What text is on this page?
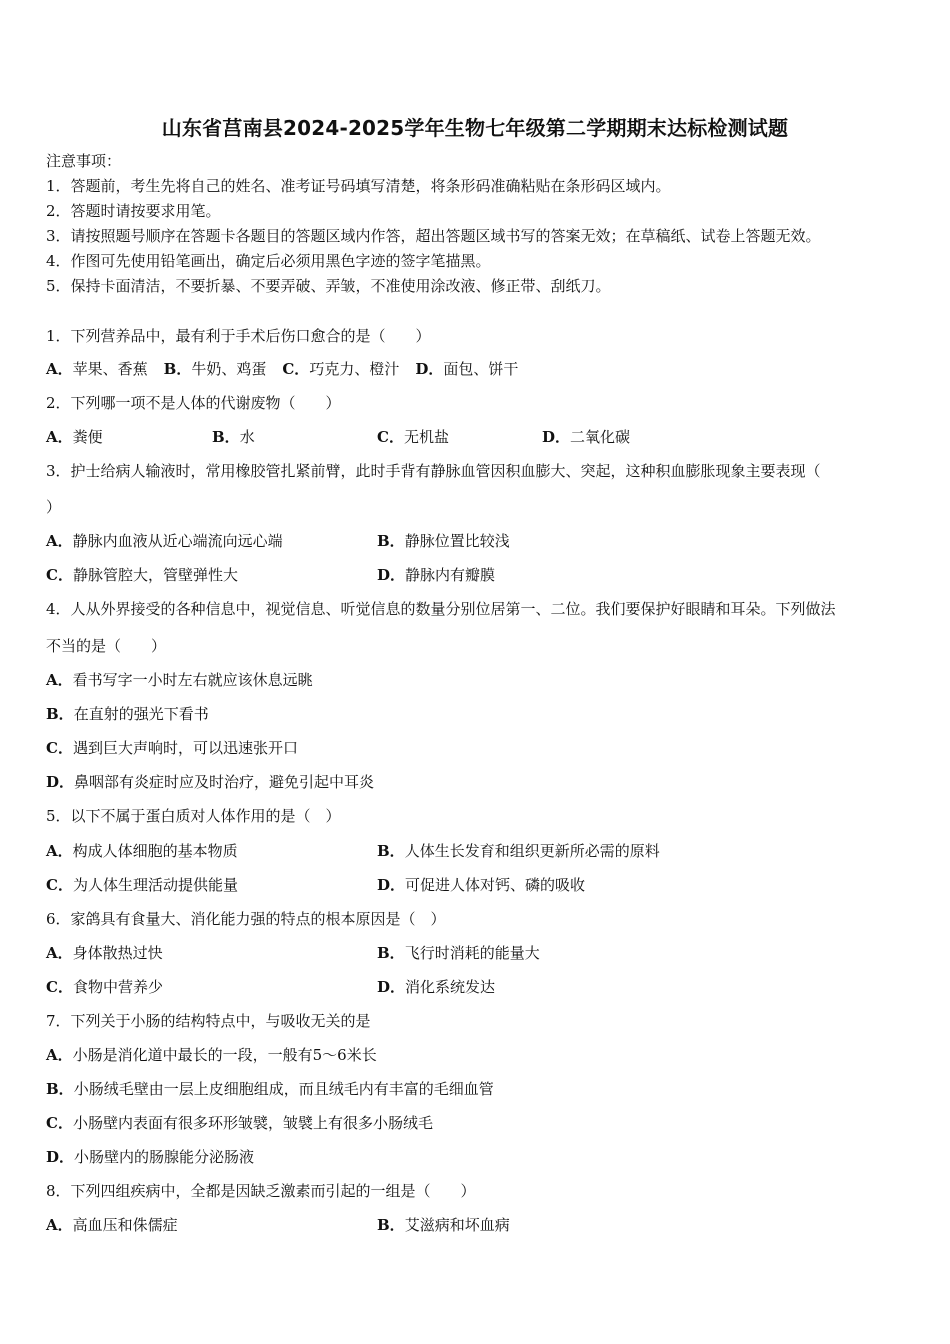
山东省莒南县2024-2025学年生物七年级第二学期期末达标检测试题
注意事项：
1．答题前，考生先将自己的姓名、准考证号码填写清楚，将条形码准确粘贴在条形码区域内。
2．答题时请按要求用笔。
3．请按照题号顺序在答题卡各题目的答题区域内作答，超出答题区域书写的答案无效；在草稿纸、试卷上答题无效。
4．作图可先使用铅笔画出，确定后必须用黑色字迹的签字笔描黑。
5．保持卡面清洁，不要折暴、不要弄破、弄皱，不准使用涂改液、修正带、刮纸刀。
1．下列营养品中，最有利于手术后伤口愈合的是（　　）
A．苹果、香蕉 B．牛奶、鸡蛋 C．巧克力、橙汁 D．面包、饼干
2．下列哪一项不是人体的代谢废物（　　）
A．粪便	B．水	C．无机盐	D．二氧化碳
3．护士给病人输液时，常用橡胶管扎紧前臂，此时手背有静脉血管因积血膨大、突起，这种积血膨胀现象主要表现（
）
A．静脉内血液从近心端流向远心端	B．静脉位置比较浅
C．静脉管腔大，管壁弹性大	D．静脉内有瓣膜
4．人从外界接受的各种信息中，视觉信息、听觉信息的数量分别位居第一、二位。我们要保护好眼睛和耳朵。下列做法
不当的是（　　）
A．看书写字一小时左右就应该休息远眺
B．在直射的强光下看书
C．遇到巨大声响时，可以迅速张开口
D．鼻咽部有炎症时应及时治疗，避免引起中耳炎
5．以下不属于蛋白质对人体作用的是（　）
A．构成人体细胞的基本物质	B．人体生长发育和组织更新所必需的原料
C．为人体生理活动提供能量	D．可促进人体对钙、磷的吸收
6．家鸽具有食量大、消化能力强的特点的根本原因是（　）
A．身体散热过快	B．飞行时消耗的能量大
C．食物中营养少	D．消化系统发达
7．下列关于小肠的结构特点中，与吸收无关的是
A．小肠是消化道中最长的一段，一般有5～6米长
B．小肠绒毛壁由一层上皮细胞组成，而且绒毛内有丰富的毛细血管
C．小肠壁内表面有很多环形皱襞，皱襞上有很多小肠绒毛
D．小肠壁内的肠腺能分泌肠液
8．下列四组疾病中，全都是因缺乏激素而引起的一组是（　　）
A．高血压和侏儒症	B．艾滋病和坏血病
